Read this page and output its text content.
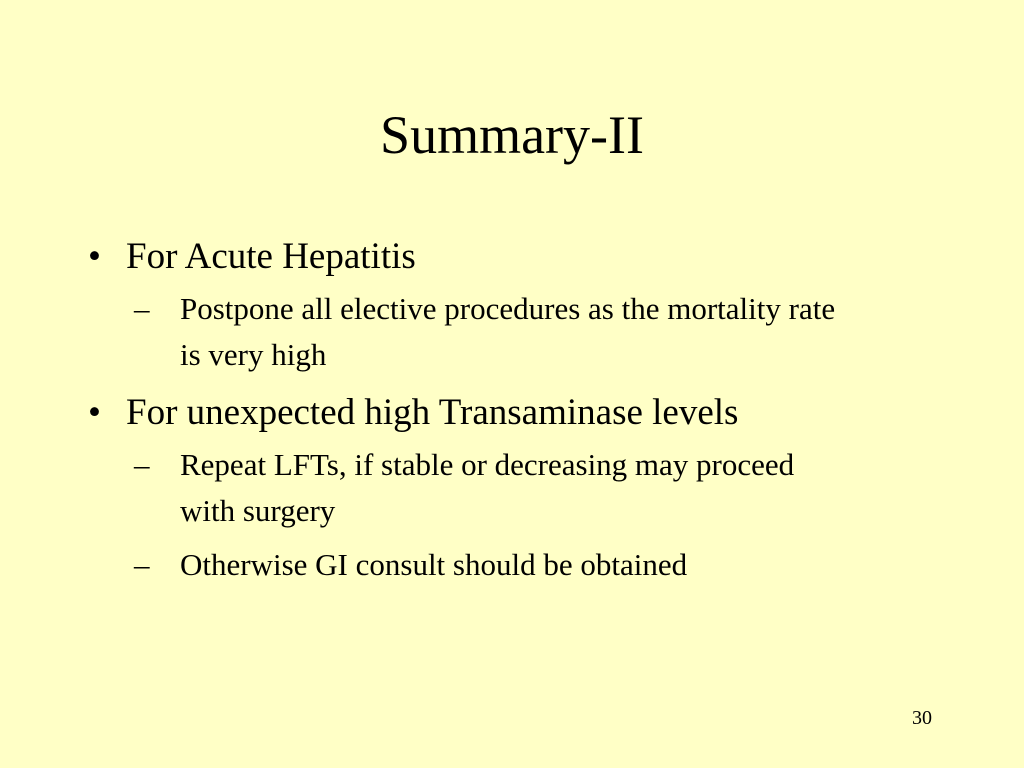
Summary-II
• For Acute Hepatitis
– Postpone all elective procedures as the mortality rate is very high
• For unexpected high Transaminase levels
– Repeat LFTs, if stable or decreasing may proceed with surgery
– Otherwise GI consult should be obtained
30
